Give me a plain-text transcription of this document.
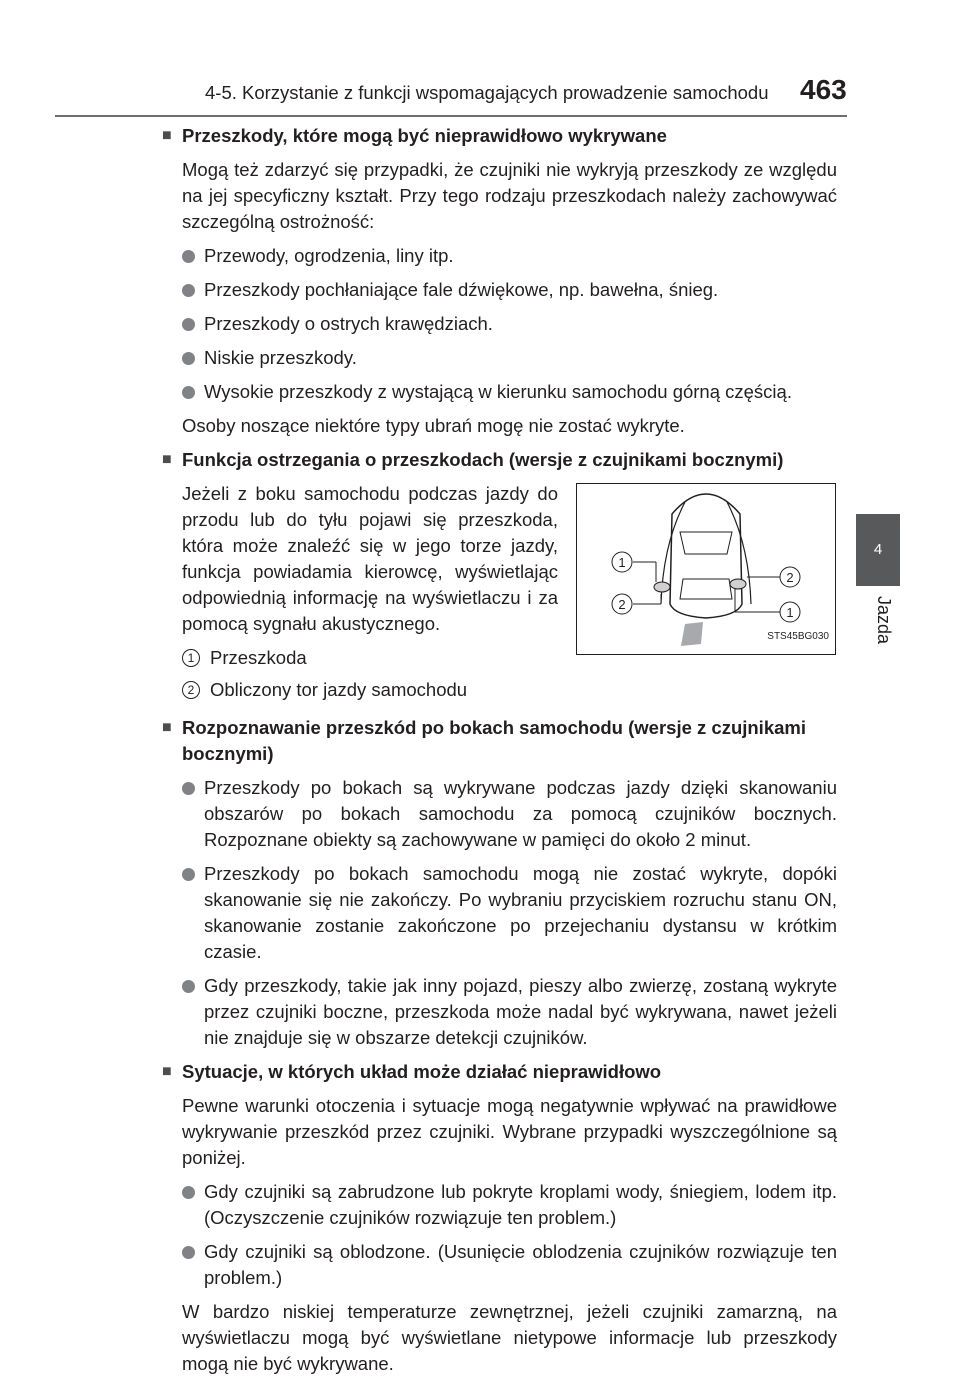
4-5. Korzystanie z funkcji wspomagających prowadzenie samochodu 463
4
Jazda
■ Przeszkody, które mogą być nieprawidłowo wykrywane

Mogą też zdarzyć się przypadki, że czujniki nie wykryją przeszkody ze względu na jej specyficzny kształt. Przy tego rodzaju przeszkodach należy zachowywać szczególną ostrożność:

Przewody, ogrodzenia, liny itp.
Przeszkody pochłaniające fale dźwiękowe, np. bawełna, śnieg.
Przeszkody o ostrych krawędziach.
Niskie przeszkody.
Wysokie przeszkody z wystającą w kierunku samochodu górną częścią.

Osoby noszące niektóre typy ubrań mogę nie zostać wykryte.

■ Funkcja ostrzegania o przeszkodach (wersje z czujnikami bocznymi)

Jeżeli z boku samochodu podczas jazdy do przodu lub do tyłu pojawi się przeszkoda, która może znaleźć się w jego torze jazdy, funkcja powiadamia kierowcę, wyświetlając odpowiednią informację na wyświetlaczu i za pomocą sygnału akustycznego.

1 Przeszkoda
2 Obliczony tor jazdy samochodu
1
2
2
1
STS45BG030
■ Rozpoznawanie przeszkód po bokach samochodu (wersje z czujnikami bocznymi)
Przeszkody po bokach są wykrywane podczas jazdy dzięki skanowaniu obszarów po bokach samochodu za pomocą czujników bocznych. Rozpoznane obiekty są zachowywane w pamięci do około 2 minut.
Przeszkody po bokach samochodu mogą nie zostać wykryte, dopóki skanowanie się nie zakończy. Po wybraniu przyciskiem rozruchu stanu ON, skanowanie zostanie zakończone po przejechaniu dystansu w krótkim czasie.
Gdy przeszkody, takie jak inny pojazd, pieszy albo zwierzę, zostaną wykryte przez czujniki boczne, przeszkoda może nadal być wykrywana, nawet jeżeli nie znajduje się w obszarze detekcji czujników.
■ Sytuacje, w których układ może działać nieprawidłowo

Pewne warunki otoczenia i sytuacje mogą negatywnie wpływać na prawidłowe wykrywanie przeszkód przez czujniki. Wybrane przypadki wyszczególnione są poniżej.

Gdy czujniki są zabrudzone lub pokryte kroplami wody, śniegiem, lodem itp. (Oczyszczenie czujników rozwiązuje ten problem.)
Gdy czujniki są oblodzone. (Usunięcie oblodzenia czujników rozwiązuje ten problem.)

W bardzo niskiej temperaturze zewnętrznej, jeżeli czujniki zamarzną, na wyświetlaczu mogą być wyświetlane nietypowe informacje lub przeszkody mogą nie być wykrywane.
